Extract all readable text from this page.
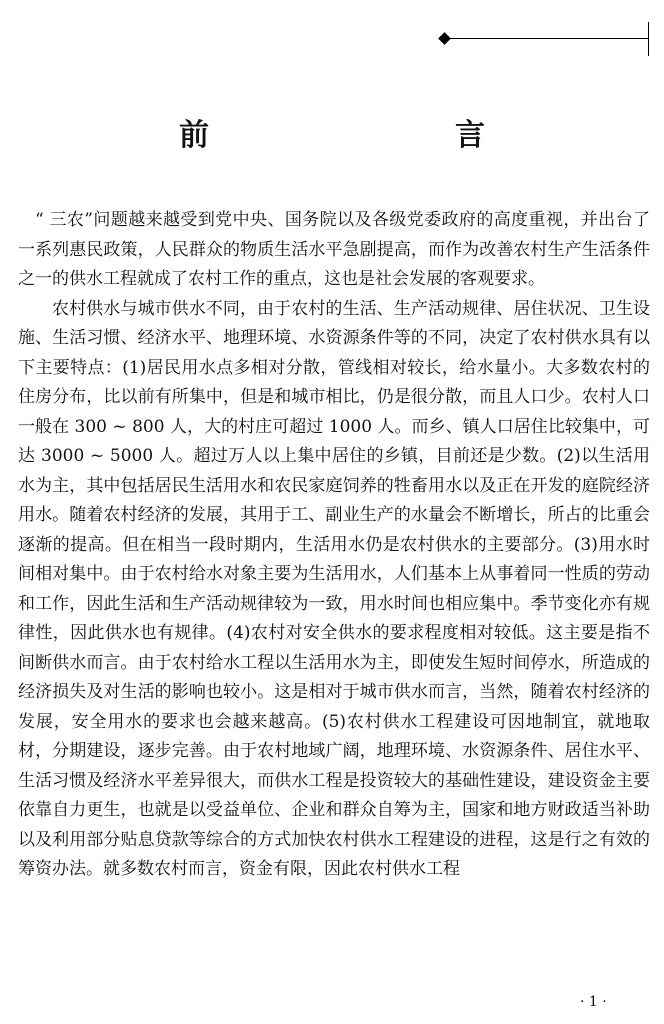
前　　言

“ 三农”问题越来越受到党中央、国务院以及各级党委政府的高度重视，并出台了一系列惠民政策，人民群众的物质生活水平急剧提高，而作为改善农村生产生活条件之一的供水工程就成了农村工作的重点，这也是社会发展的客观要求。

农村供水与城市供水不同，由于农村的生活、生产活动规律、居住状况、卫生设施、生活习惯、经济水平、地理环境、水资源条件等的不同，决定了农村供水具有以下主要特点：(1)居民用水点多相对分散，管线相对较长，给水量小。大多数农村的住房分布，比以前有所集中，但是和城市相比，仍是很分散，而且人口少。农村人口一般在 300 ~ 800 人，大的村庄可超过 1000 人。而乡、镇人口居住比较集中，可达 3000 ~ 5000 人。超过万人以上集中居住的乡镇，目前还是少数。(2)以生活用水为主，其中包括居民生活用水和农民家庭饲养的牲畜用水以及正在开发的庭院经济用水。随着农村经济的发展，其用于工、副业生产的水量会不断增长，所占的比重会逐渐的提高。但在相当一段时期内，生活用水仍是农村供水的主要部分。(3)用水时间相对集中。由于农村给水对象主要为生活用水，人们基本上从事着同一性质的劳动和工作，因此生活和生产活动规律较为一致，用水时间也相应集中。季节变化亦有规律性，因此供水也有规律。(4)农村对安全供水的要求程度相对较低。这主要是指不间断供水而言。由于农村给水工程以生活用水为主，即使发生短时间停水，所造成的经济损失及对生活的影响也较小。这是相对于城市供水而言，当然，随着农村经济的发展，安全用水的要求也会越来越高。(5)农村供水工程建设可因地制宜，就地取材，分期建设，逐步完善。由于农村地域广阔，地理环境、水资源条件、居住水平、生活习惯及经济水平差异很大，而供水工程是投资较大的基础性建设，建设资金主要依靠自力更生，也就是以受益单位、企业和群众自筹为主，国家和地方财政适当补助以及利用部分贴息贷款等综合的方式加快农村供水工程建设的进程，这是行之有效的筹资办法。就多数农村而言，资金有限，因此农村供水工程

· 1 ·
